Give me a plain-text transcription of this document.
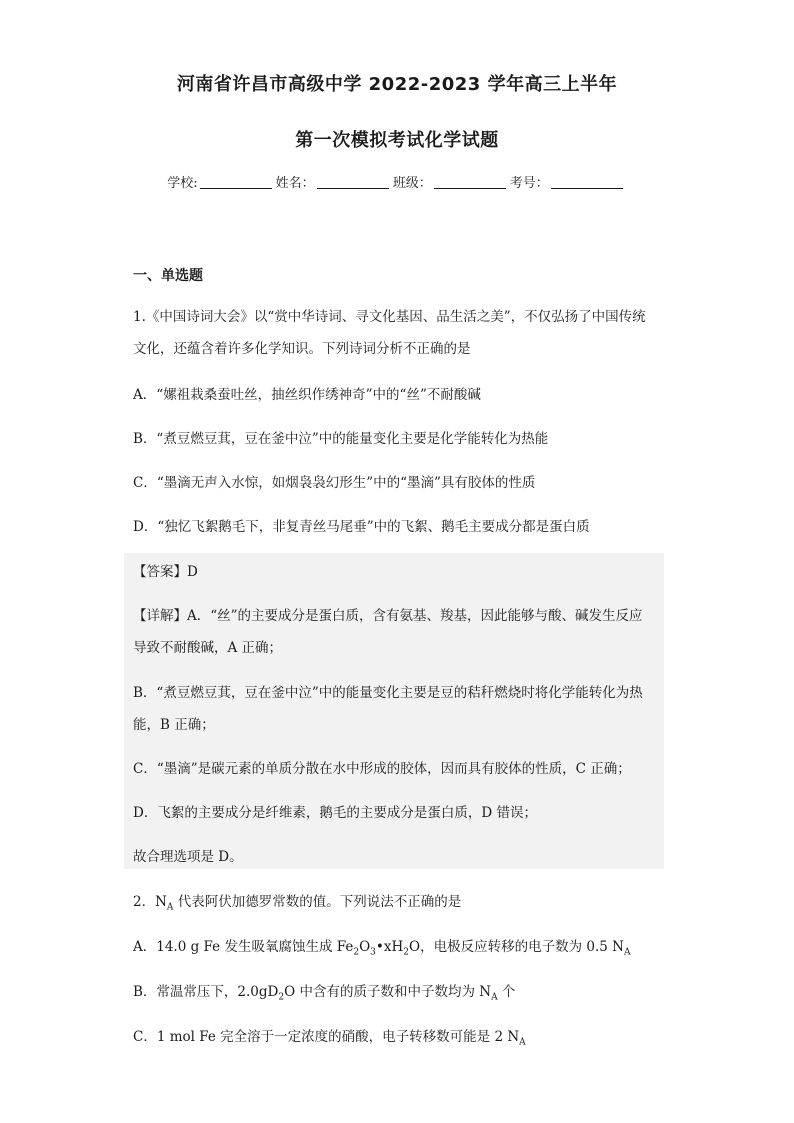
河南省许昌市高级中学 2022-2023 学年高三上半年
第一次模拟考试化学试题
学校:	姓名：	班级：	考号：
一、单选题
1.《中国诗词大会》以“赏中华诗词、寻文化基因、品生活之美”，不仅弘扬了中国传统
文化，还蕴含着许多化学知识。下列诗词分析不正确的是
A．“嫘祖栽桑蚕吐丝，抽丝织作绣神奇”中的“丝”不耐酸碱
B．“煮豆燃豆萁，豆在釜中泣”中的能量变化主要是化学能转化为热能
C．“墨滴无声入水惊，如烟袅袅幻形生”中的“墨滴”具有胶体的性质
D．“独忆飞絮鹅毛下，非复青丝马尾垂”中的飞絮、鹅毛主要成分都是蛋白质
【答案】D
【详解】A．“丝”的主要成分是蛋白质，含有氨基、羧基，因此能够与酸、碱发生反应
导致不耐酸碱，A 正确；
B．“煮豆燃豆萁，豆在釜中泣”中的能量变化主要是豆的秸秆燃烧时将化学能转化为热
能，B 正确；
C．“墨滴”是碳元素的单质分散在水中形成的胶体，因而具有胶体的性质，C 正确；
D．飞絮的主要成分是纤维素，鹅毛的主要成分是蛋白质，D 错误；
故合理选项是 D。
2．$N_A$ 代表阿伏加德罗常数的值。下列说法不正确的是
A．14.0 g Fe 发生吸氧腐蚀生成 $Fe_2O_3•xH_2O$，电极反应转移的电子数为 0.5 $N_A$
B．常温常压下，$2.0gD_2O$ 中含有的质子数和中子数均为 $N_A$ 个
C．1 mol Fe 完全溶于一定浓度的硝酸，电子转移数可能是 2 $N_A$
